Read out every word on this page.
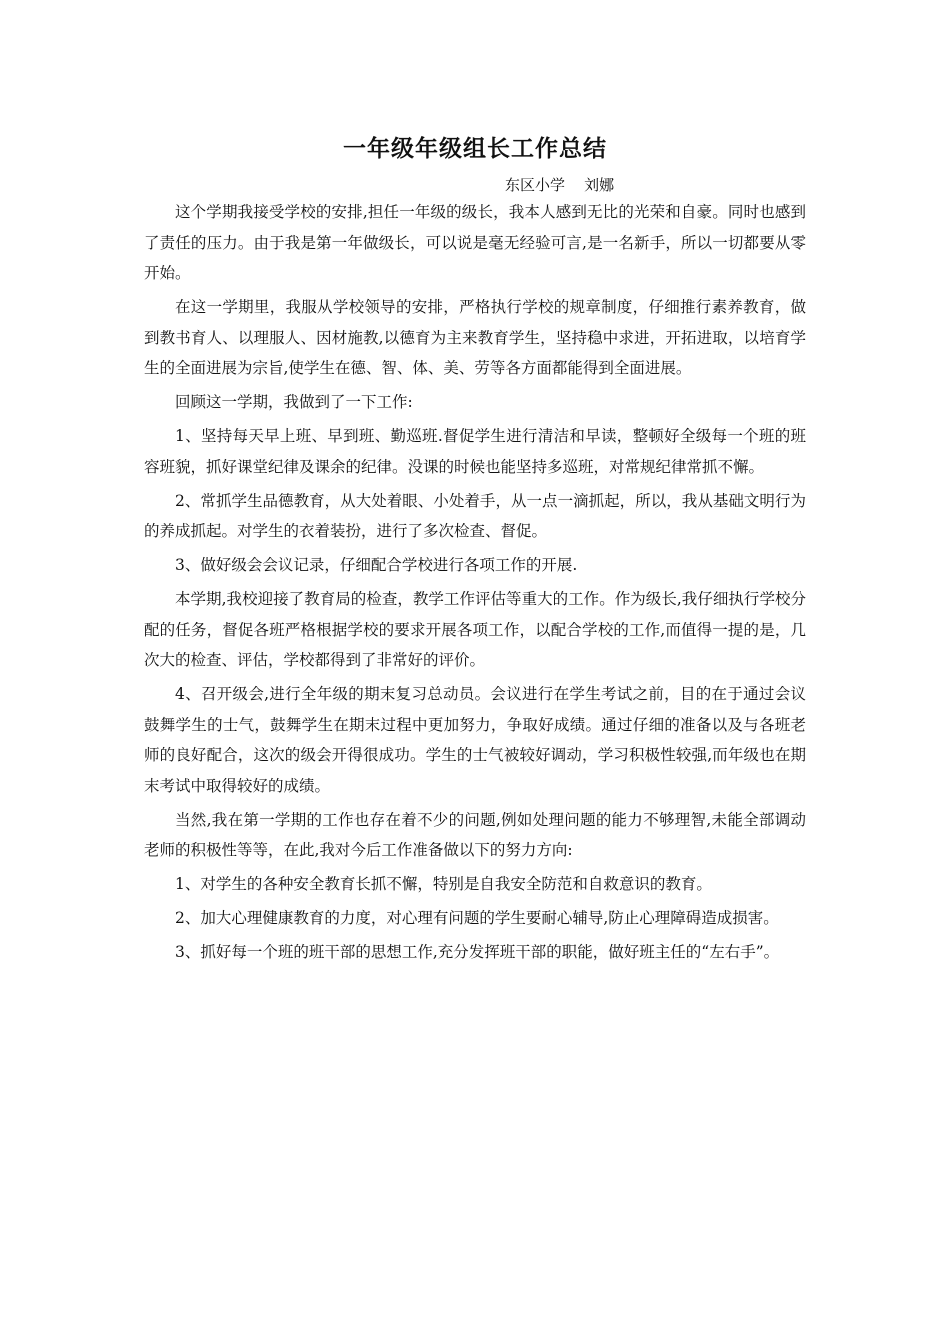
一年级年级组长工作总结
东区小学    刘娜

这个学期我接受学校的安排,担任一年级的级长，我本人感到无比的光荣和自豪。同时也感到了责任的压力。由于我是第一年做级长，可以说是毫无经验可言,是一名新手，所以一切都要从零开始。

在这一学期里，我服从学校领导的安排，严格执行学校的规章制度，仔细推行素养教育，做到教书育人、以理服人、因材施教,以德育为主来教育学生，坚持稳中求进，开拓进取，以培育学生的全面进展为宗旨,使学生在德、智、体、美、劳等各方面都能得到全面进展。

回顾这一学期，我做到了一下工作:

1、坚持每天早上班、早到班、勤巡班.督促学生进行清洁和早读，整顿好全级每一个班的班容班貌，抓好课堂纪律及课余的纪律。没课的时候也能坚持多巡班，对常规纪律常抓不懈。

2、常抓学生品德教育，从大处着眼、小处着手，从一点一滴抓起，所以，我从基础文明行为的养成抓起。对学生的衣着装扮，进行了多次检查、督促。

3、做好级会会议记录，仔细配合学校进行各项工作的开展.

本学期,我校迎接了教育局的检查，教学工作评估等重大的工作。作为级长,我仔细执行学校分配的任务，督促各班严格根据学校的要求开展各项工作，以配合学校的工作,而值得一提的是，几次大的检查、评估，学校都得到了非常好的评价。

4、召开级会,进行全年级的期末复习总动员。会议进行在学生考试之前，目的在于通过会议鼓舞学生的士气，鼓舞学生在期末过程中更加努力，争取好成绩。通过仔细的准备以及与各班老师的良好配合，这次的级会开得很成功。学生的士气被较好调动，学习积极性较强,而年级也在期末考试中取得较好的成绩。

当然,我在第一学期的工作也存在着不少的问题,例如处理问题的能力不够理智,未能全部调动老师的积极性等等，在此,我对今后工作准备做以下的努力方向:

1、对学生的各种安全教育长抓不懈，特别是自我安全防范和自救意识的教育。

2、加大心理健康教育的力度，对心理有问题的学生要耐心辅导,防止心理障碍造成损害。

3、抓好每一个班的班干部的思想工作,充分发挥班干部的职能，做好班主任的“左右手”。
